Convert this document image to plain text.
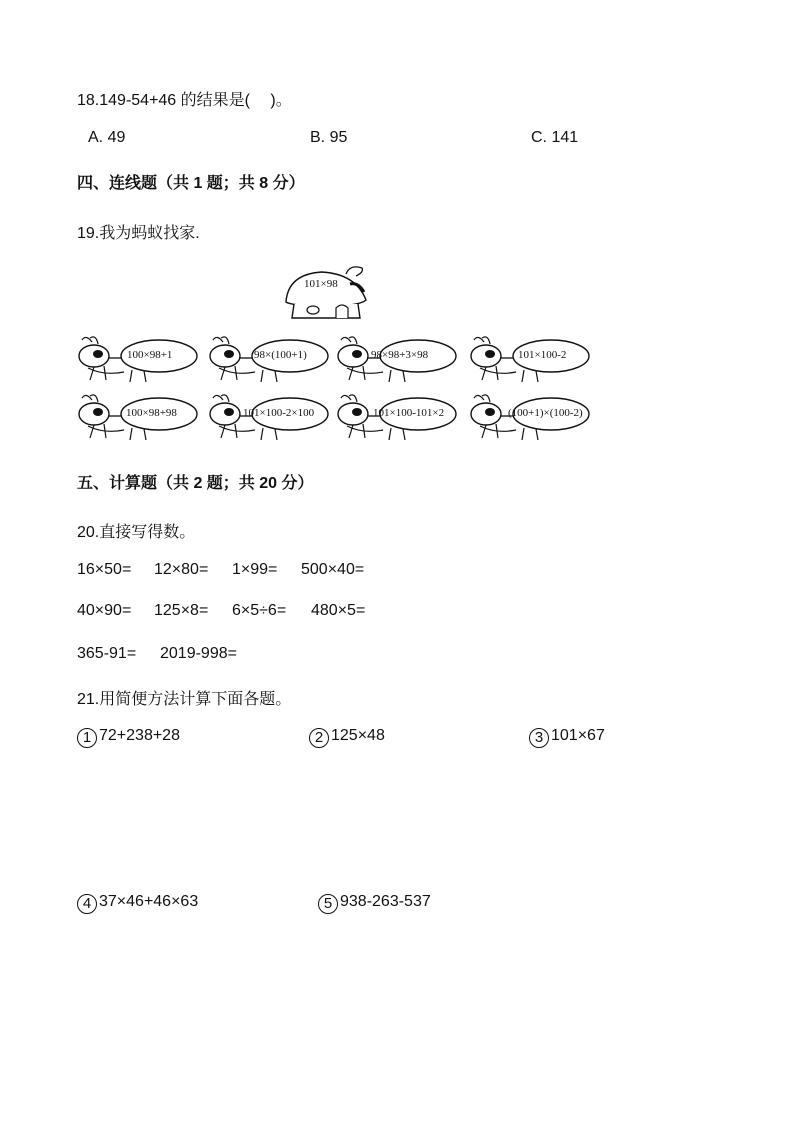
18.149-54+46 的结果是(　 )。
A. 49	B. 95	C. 141
四、连线题（共 1 题；共 8 分）
19.我为蚂蚁找家.
101×98
100×98+1	98×(100+1)	98×98+3×98	101×100-2
100×98+98	101×100-2×100	101×100-101×2	(100+1)×(100-2)
五、计算题（共 2 题；共 20 分）
20.直接写得数。
16×50= 12×80= 1×99= 500×40=
40×90= 125×8= 6×5÷6= 480×5=
365-91= 2019-998=
21.用简便方法计算下面各题。
1 72+238+28	2 125×48	3 101×67
4 37×46+46×63	5 938-263-537
